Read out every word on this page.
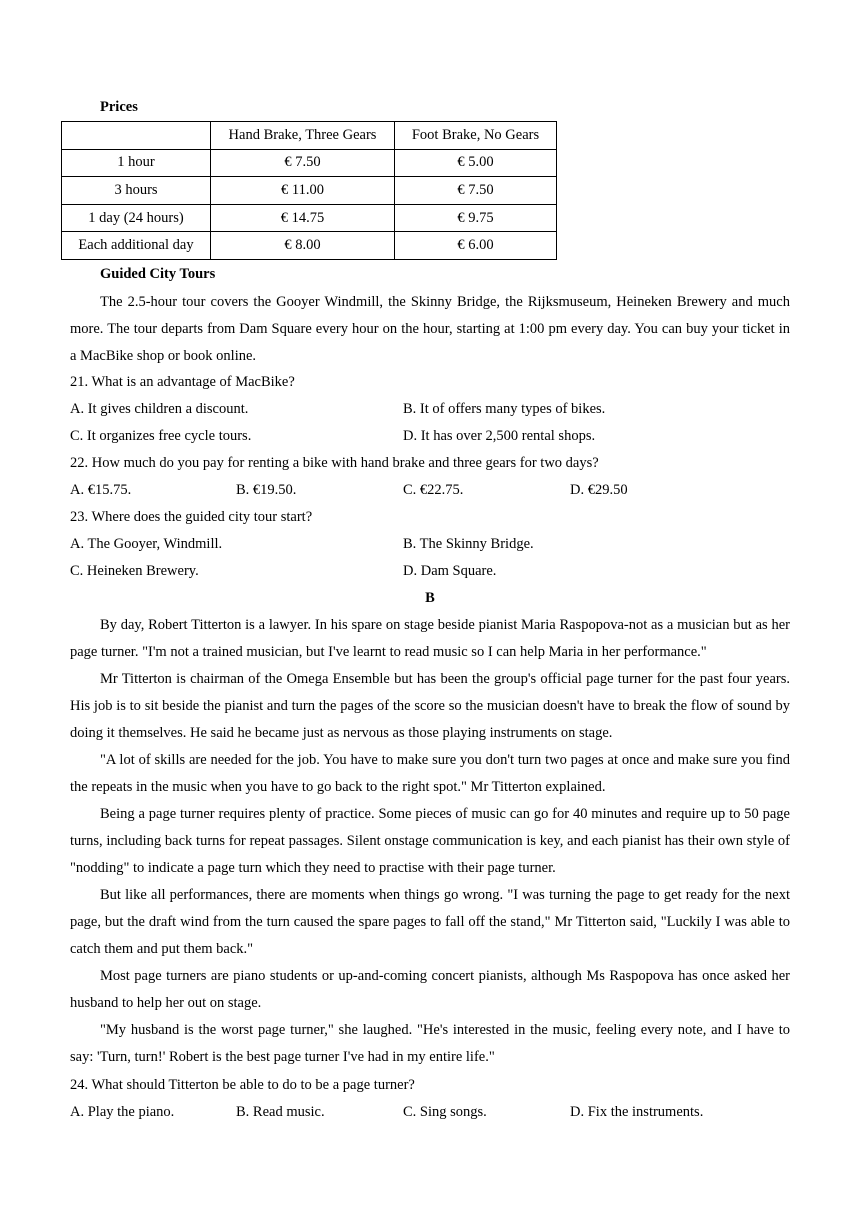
Prices
	Hand Brake, Three Gears	Foot Brake, No Gears
1 hour	€ 7.50	€ 5.00
3 hours	€ 11.00	€ 7.50
1 day (24 hours)	€ 14.75	€ 9.75
Each additional day	€ 8.00	€ 6.00
Guided City Tours

The 2.5-hour tour covers the Gooyer Windmill, the Skinny Bridge, the Rijksmuseum, Heineken Brewery and much more. The tour departs from Dam Square every hour on the hour, starting at 1:00 pm every day. You can buy your ticket in a MacBike shop or book online.

21. What is an advantage of MacBike?
A. It gives children a discount.	B. It of offers many types of bikes.
C. It organizes free cycle tours.	D. It has over 2,500 rental shops.
22. How much do you pay for renting a bike with hand brake and three gears for two days?
A. €15.75.	B. €19.50.	C. €22.75.	D. €29.50
23. Where does the guided city tour start?
A. The Gooyer, Windmill.	B. The Skinny Bridge.
C. Heineken Brewery.	D. Dam Square.
B

By day, Robert Titterton is a lawyer. In his spare on stage beside pianist Maria Raspopova-not as a musician but as her page turner. "I'm not a trained musician, but I've learnt to read music so I can help Maria in her performance."

Mr Titterton is chairman of the Omega Ensemble but has been the group's official page turner for the past four years. His job is to sit beside the pianist and turn the pages of the score so the musician doesn't have to break the flow of sound by doing it themselves. He said he became just as nervous as those playing instruments on stage.

"A lot of skills are needed for the job. You have to make sure you don't turn two pages at once and make sure you find the repeats in the music when you have to go back to the right spot." Mr Titterton explained.

Being a page turner requires plenty of practice. Some pieces of music can go for 40 minutes and require up to 50 page turns, including back turns for repeat passages. Silent onstage communication is key, and each pianist has their own style of "nodding" to indicate a page turn which they need to practise with their page turner.

But like all performances, there are moments when things go wrong. "I was turning the page to get ready for the next page, but the draft wind from the turn caused the spare pages to fall off the stand," Mr Titterton said, "Luckily I was able to catch them and put them back."

Most page turners are piano students or up-and-coming concert pianists, although Ms Raspopova has once asked her husband to help her out on stage.

"My husband is the worst page turner," she laughed. "He's interested in the music, feeling every note, and I have to say: 'Turn, turn!' Robert is the best page turner I've had in my entire life."

24. What should Titterton be able to do to be a page turner?
A. Play the piano.	B. Read music.	C. Sing songs.	D. Fix the instruments.
